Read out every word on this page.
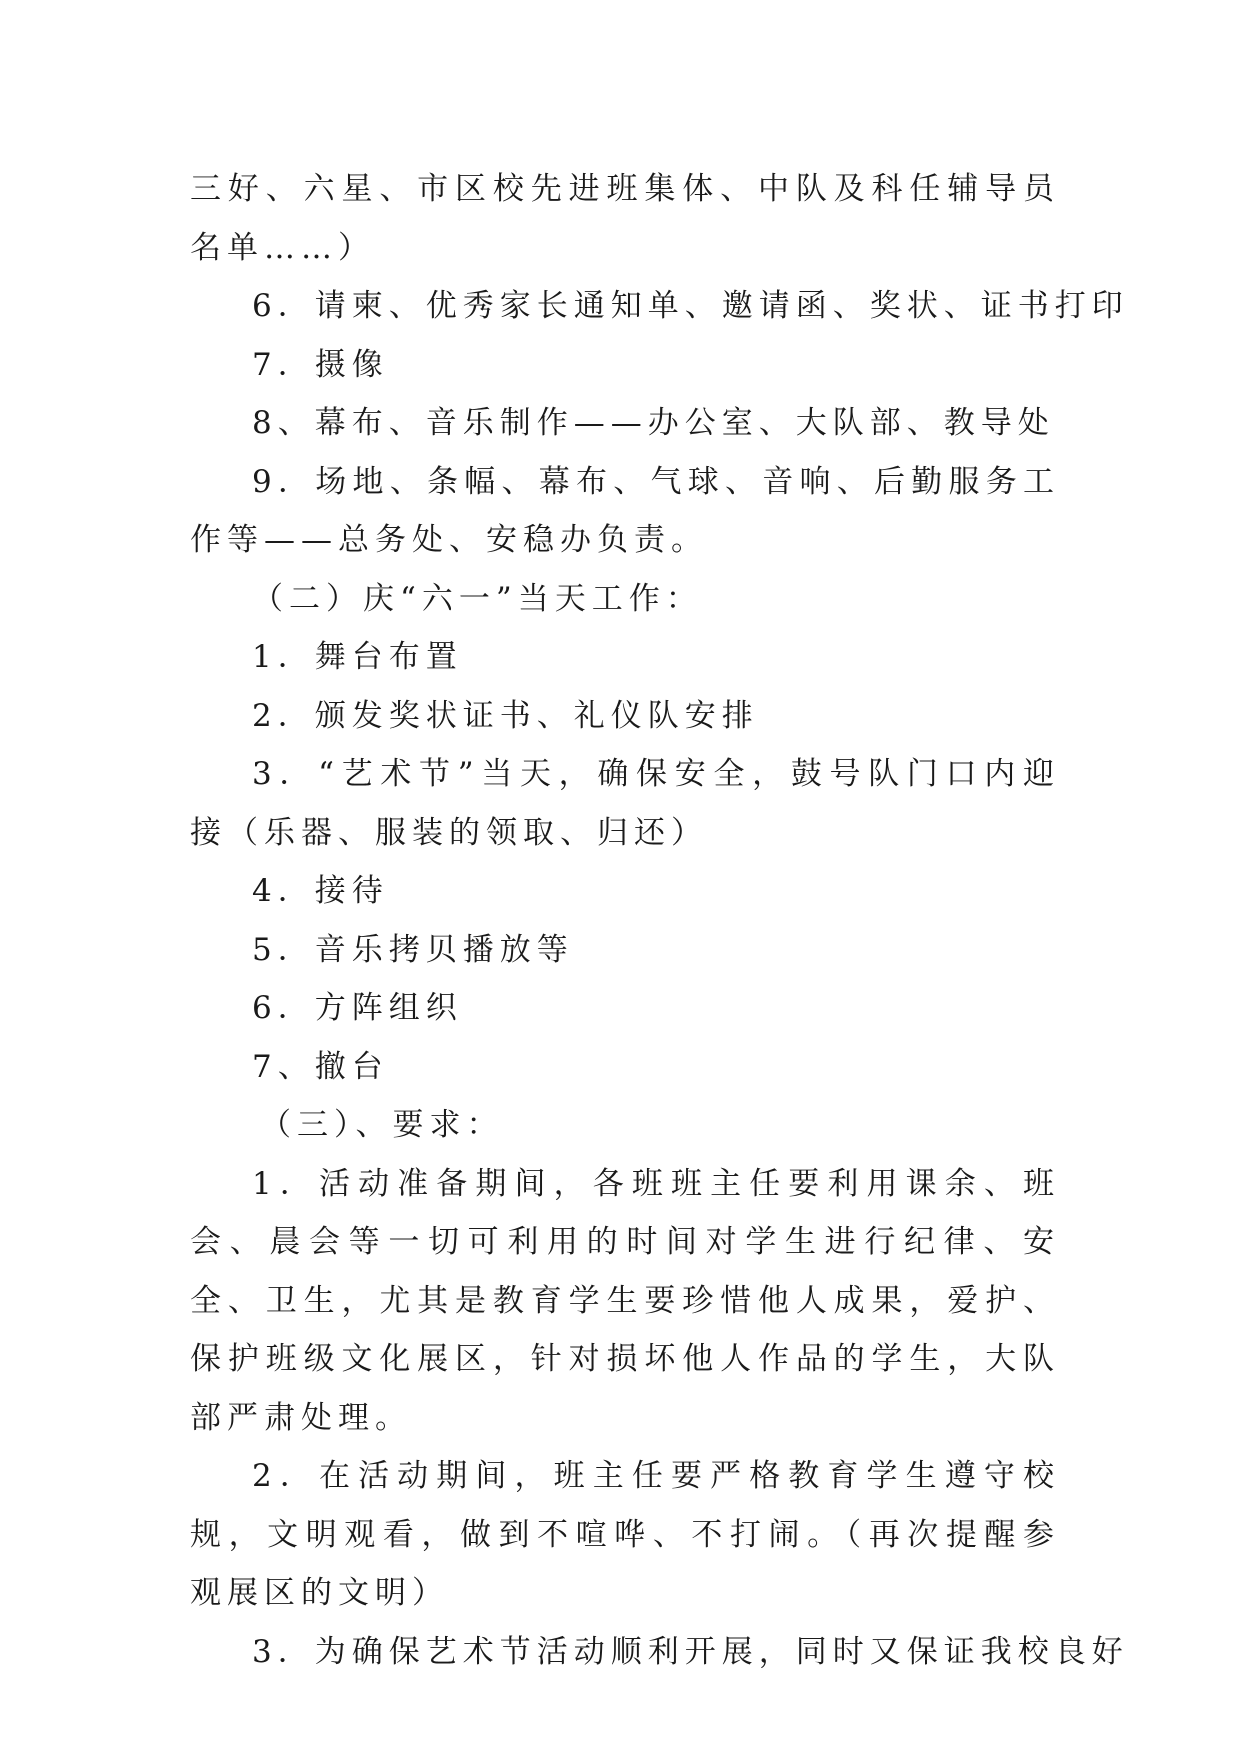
三好、六星、市区校先进班集体、中队及科任辅导员名单……）

6．请柬、优秀家长通知单、邀请函、奖状、证书打印

7．摄像

8、幕布、音乐制作——办公室、大队部、教导处

9．场地、条幅、幕布、气球、音响、后勤服务工作等——总务处、安稳办负责。

（二）庆“六一”当天工作：

1．舞台布置

2．颁发奖状证书、礼仪队安排

3．“艺术节”当天，确保安全，鼓号队门口内迎接（乐器、服装的领取、归还）

4．接待

5．音乐拷贝播放等

6．方阵组织

7、撤台

（三）、要求：

1．活动准备期间，各班班主任要利用课余、班会、晨会等一切可利用的时间对学生进行纪律、安全、卫生，尤其是教育学生要珍惜他人成果，爱护、保护班级文化展区，针对损坏他人作品的学生，大队部严肃处理。

2．在活动期间，班主任要严格教育学生遵守校规，文明观看，做到不喧哗、不打闹。（再次提醒参观展区的文明）

3．为确保艺术节活动顺利开展，同时又保证我校良好
